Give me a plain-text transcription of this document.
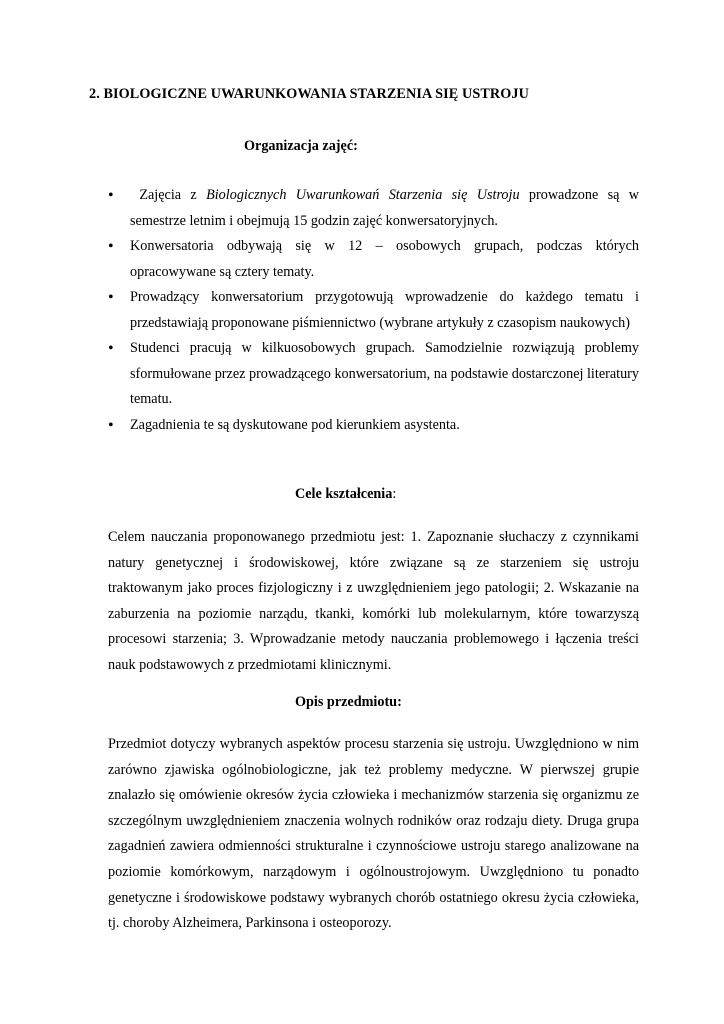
2. BIOLOGICZNE UWARUNKOWANIA STARZENIA SIĘ USTROJU
Organizacja zajęć:
• Zajęcia z Biologicznych Uwarunkowań Starzenia się Ustroju prowadzone są w semestrze letnim i obejmują 15 godzin zajęć konwersatoryjnych.
• Konwersatoria odbywają się w 12 – osobowych grupach, podczas których opracowywane są cztery tematy.
• Prowadzący konwersatorium przygotowują wprowadzenie do każdego tematu i przedstawiają proponowane piśmiennictwo (wybrane artykuły z czasopism naukowych)
• Studenci pracują w kilkuosobowych grupach. Samodzielnie rozwiązują problemy sformułowane przez prowadzącego konwersatorium, na podstawie dostarczonej literatury tematu.
• Zagadnienia te są dyskutowane pod kierunkiem asystenta.
Cele kształcenia:

Celem nauczania proponowanego przedmiotu jest: 1. Zapoznanie słuchaczy z czynnikami natury genetycznej i środowiskowej, które związane są ze starzeniem się ustroju traktowanym jako proces fizjologiczny i z uwzględnieniem jego patologii; 2. Wskazanie na zaburzenia na poziomie narządu, tkanki, komórki lub molekularnym, które towarzyszą procesowi starzenia; 3. Wprowadzanie metody nauczania problemowego i łączenia treści nauk podstawowych z przedmiotami klinicznymi.

Opis przedmiotu:

Przedmiot dotyczy wybranych aspektów procesu starzenia się ustroju. Uwzględniono w nim zarówno zjawiska ogólnobiologiczne, jak też problemy medyczne. W pierwszej grupie znalazło się omówienie okresów życia człowieka i mechanizmów starzenia się organizmu ze szczególnym uwzględnieniem znaczenia wolnych rodników oraz rodzaju diety. Druga grupa zagadnień zawiera odmienności strukturalne i czynnościowe ustroju starego analizowane na poziomie komórkowym, narządowym i ogólnoustrojowym. Uwzględniono tu ponadto genetyczne i środowiskowe podstawy wybranych chorób ostatniego okresu życia człowieka, tj. choroby Alzheimera, Parkinsona i osteoporozy.
